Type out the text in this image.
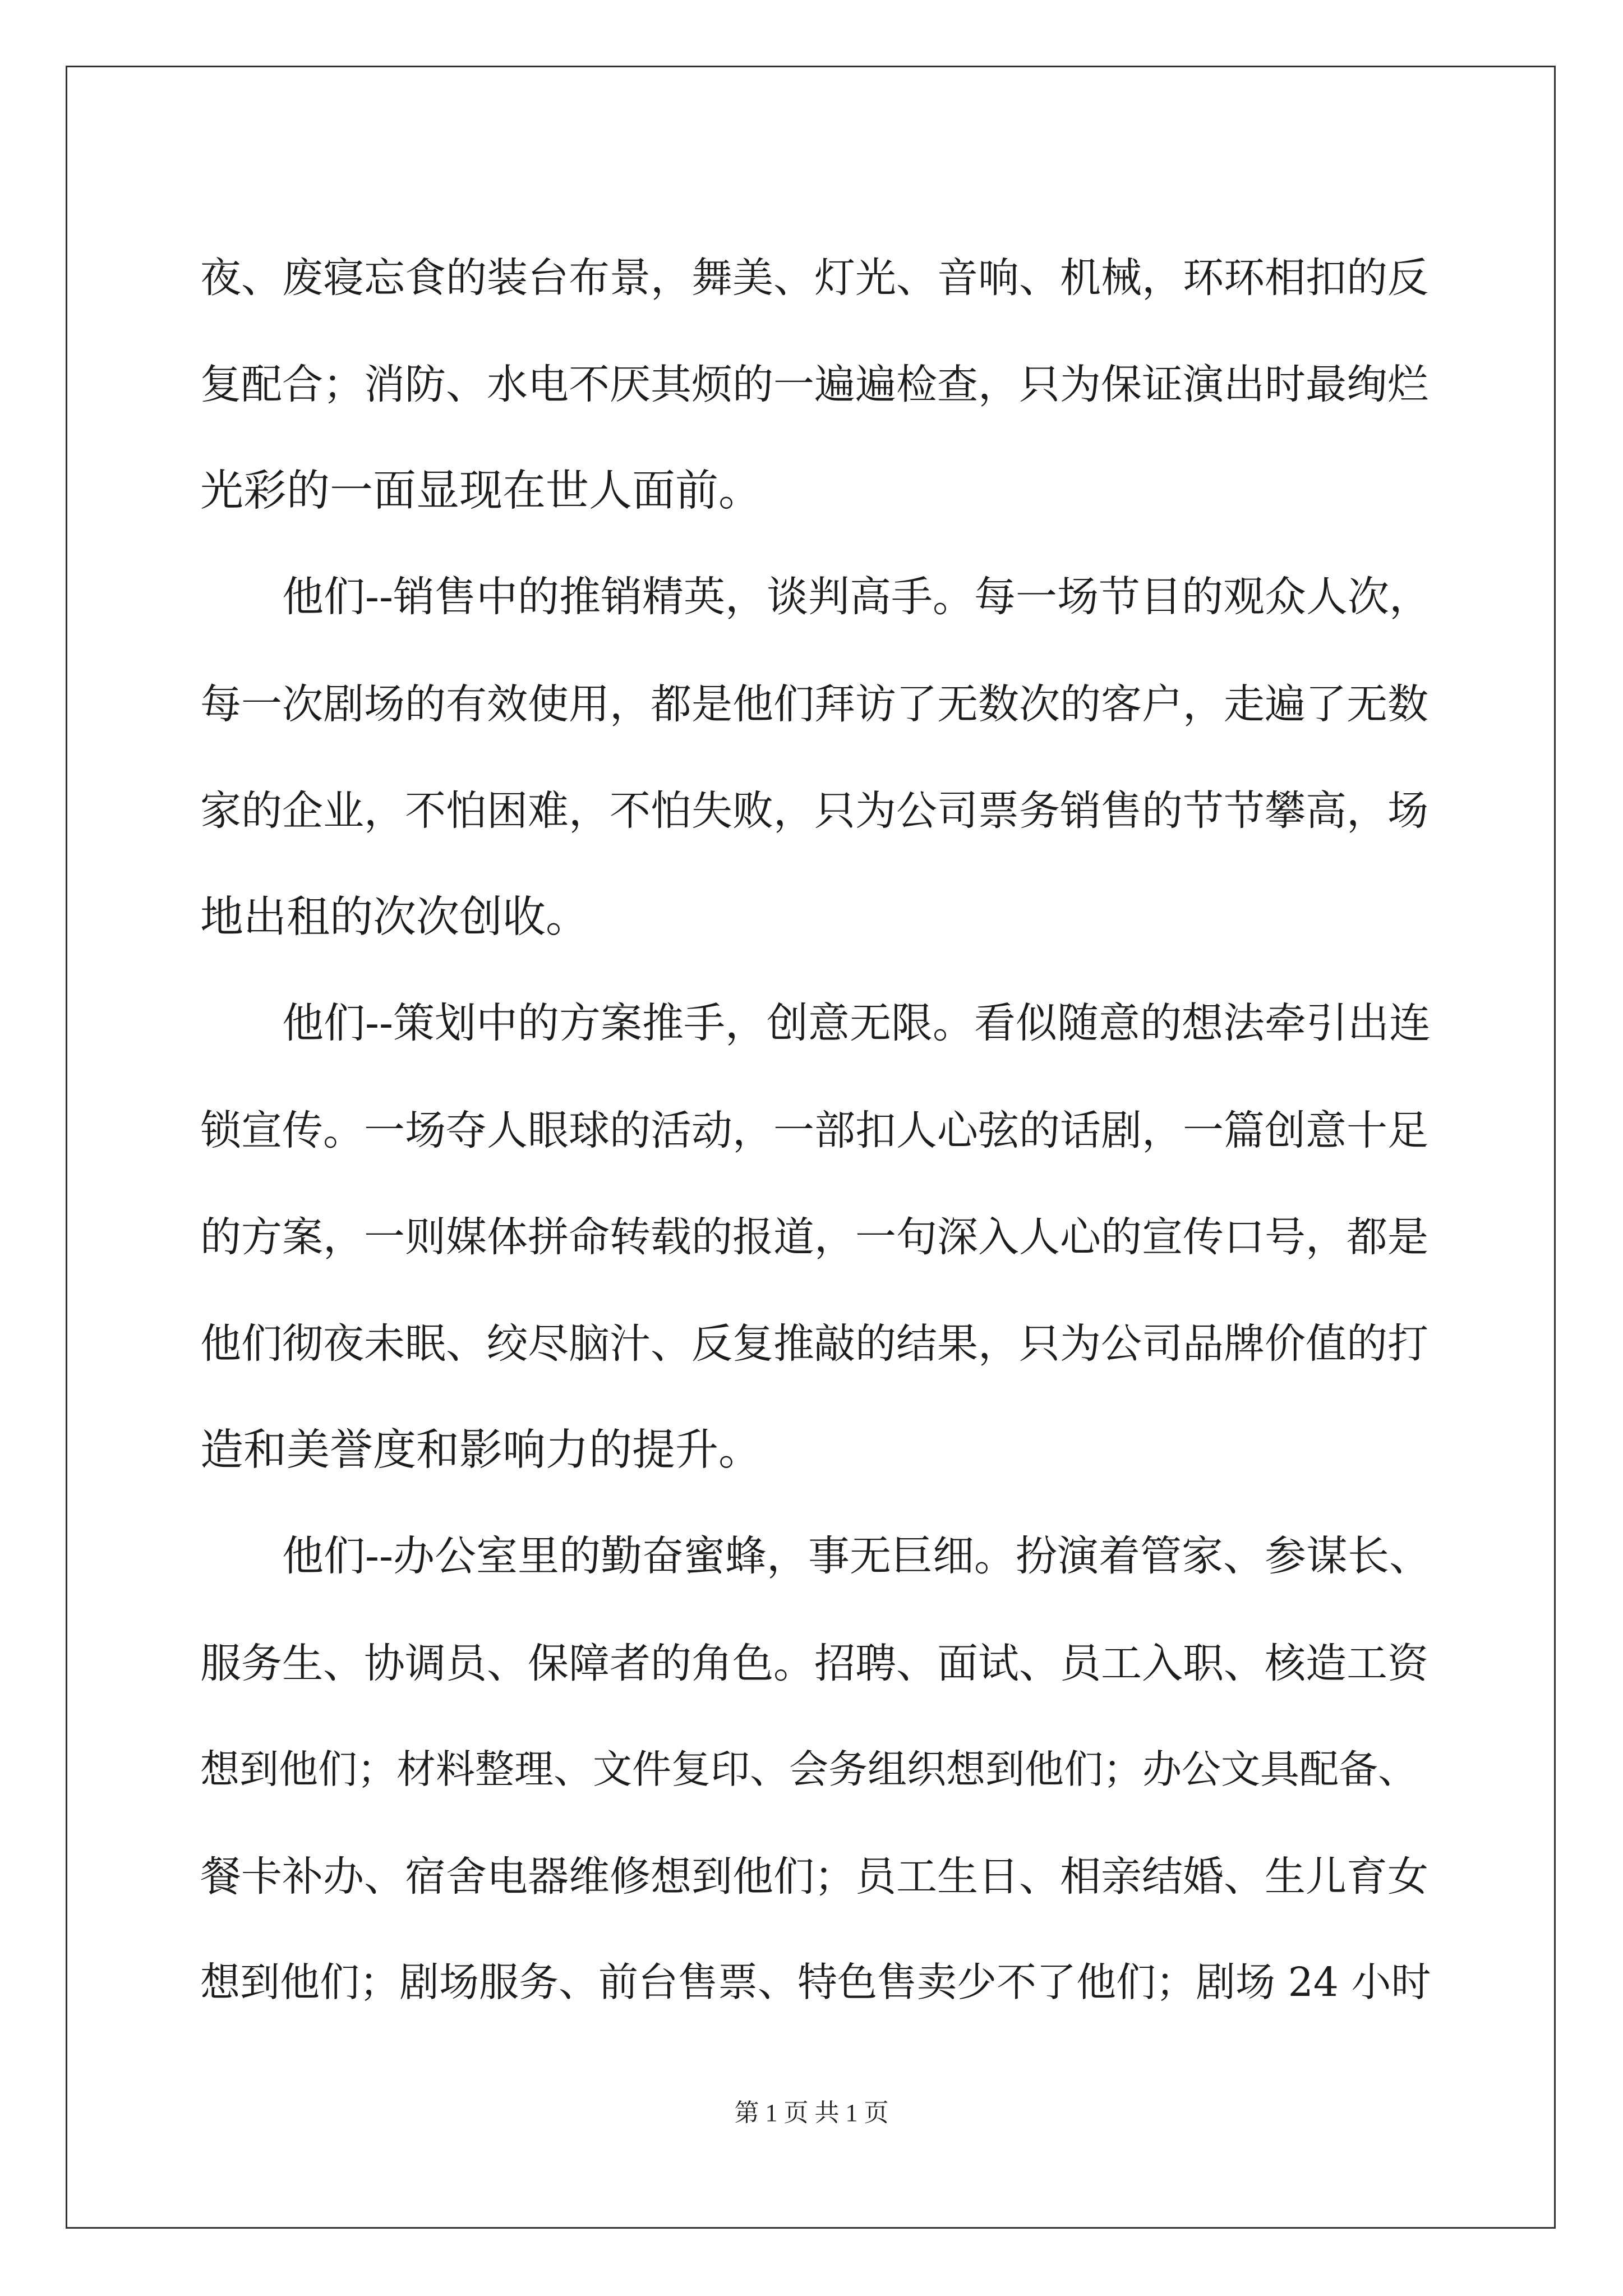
夜、废寝忘食的装台布景，舞美、灯光、音响、机械，环环相扣的反
复配合；消防、水电不厌其烦的一遍遍检查，只为保证演出时最绚烂
光彩的一面显现在世人面前。
他们--销售中的推销精英，谈判高手。每一场节目的观众人次，
每一次剧场的有效使用，都是他们拜访了无数次的客户，走遍了无数
家的企业，不怕困难，不怕失败，只为公司票务销售的节节攀高，场
地出租的次次创收。
他们--策划中的方案推手，创意无限。看似随意的想法牵引出连
锁宣传。一场夺人眼球的活动，一部扣人心弦的话剧，一篇创意十足
的方案，一则媒体拼命转载的报道，一句深入人心的宣传口号，都是
他们彻夜未眠、绞尽脑汁、反复推敲的结果，只为公司品牌价值的打
造和美誉度和影响力的提升。
他们--办公室里的勤奋蜜蜂，事无巨细。扮演着管家、参谋长、
服务生、协调员、保障者的角色。招聘、面试、员工入职、核造工资
想到他们；材料整理、文件复印、会务组织想到他们；办公文具配备、
餐卡补办、宿舍电器维修想到他们；员工生日、相亲结婚、生儿育女
想到他们；剧场服务、前台售票、特色售卖少不了他们；剧场 24 小时
第 1 页 共 1 页
